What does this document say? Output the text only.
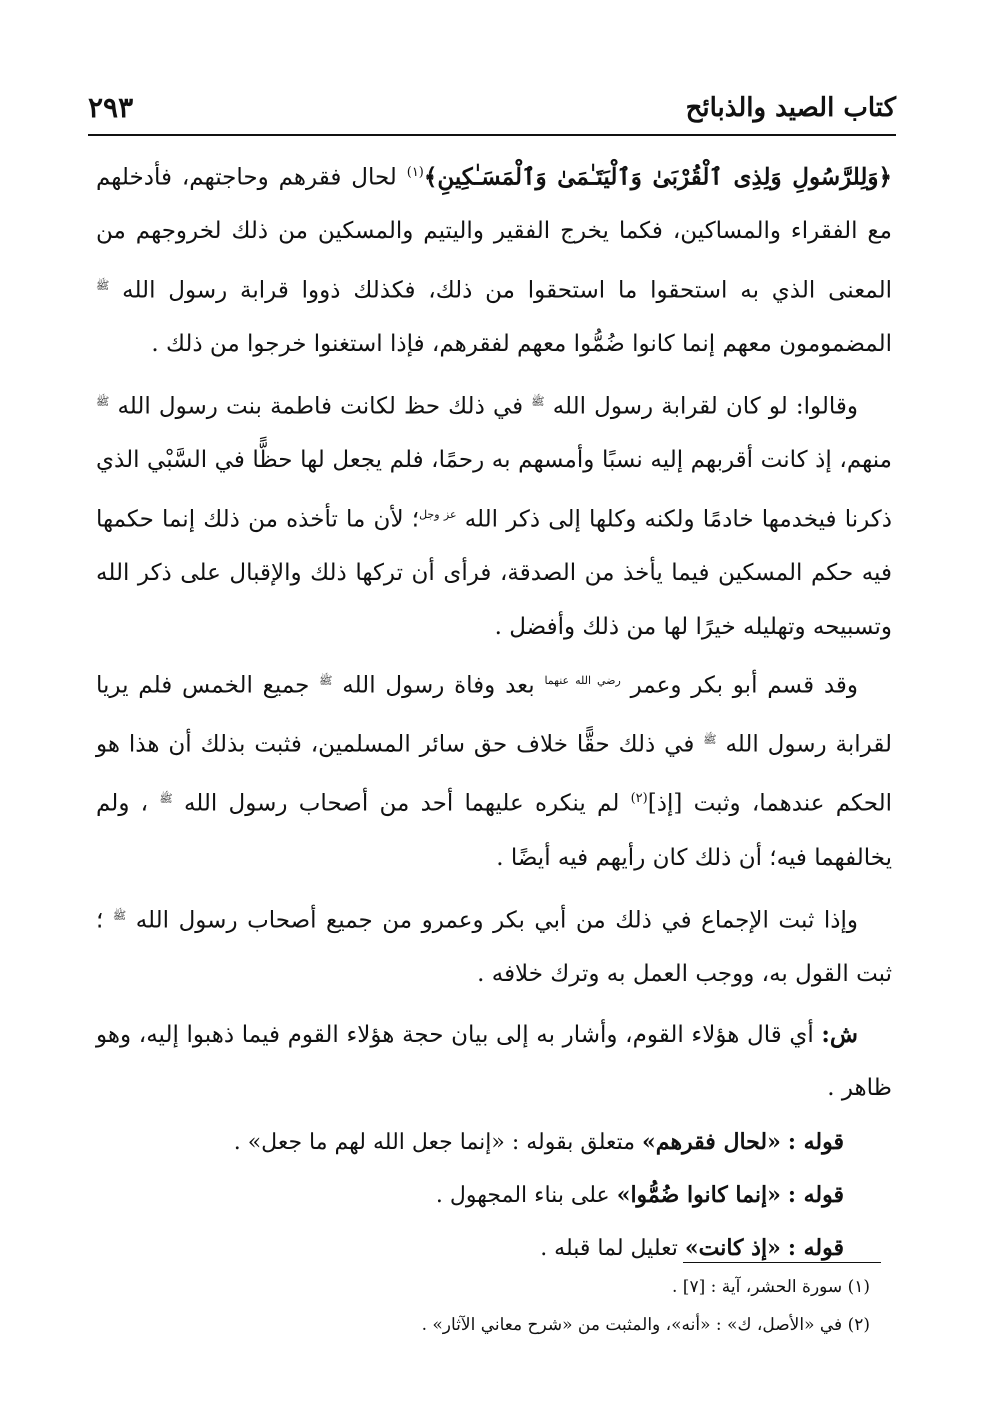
كتاب الصيد والذبائح
٢٩٣

﴿وَلِلرَّسُولِ وَلِذِى ٱلْقُرْبَىٰ وَٱلْيَتَـٰمَىٰ وَٱلْمَسَـٰكِينِ﴾$^{(١)}$ لحال فقرهم وحاجتهم، فأدخلهم مع الفقراء والمساكين، فكما يخرج الفقير واليتيم والمسكين من ذلك لخروجهم من المعنى الذي به استحقوا ما استحقوا من ذلك، فكذلك ذووا قرابة رسول الله $^ﷺ$ المضمومون معهم إنما كانوا ضُمُّوا معهم لفقرهم، فإذا استغنوا خرجوا من ذلك .

وقالوا: لو كان لقرابة رسول الله $^ﷺ$ في ذلك حظ لكانت فاطمة بنت رسول الله $^ﷺ$ منهم، إذ كانت أقربهم إليه نسبًا وأمسهم به رحمًا، فلم يجعل لها حظًّا في السَّبْي الذي ذكرنا فيخدمها خادمًا ولكنه وكلها إلى ذكر الله $^{عز وجل}$؛ لأن ما تأخذه من ذلك إنما حكمها فيه حكم المسكين فيما يأخذ من الصدقة، فرأى أن تركها ذلك والإقبال على ذكر الله وتسبيحه وتهليله خيرًا لها من ذلك وأفضل .

وقد قسم أبو بكر وعمر $^{رضي الله عنهما}$ بعد وفاة رسول الله $^ﷺ$ جميع الخمس فلم يريا لقرابة رسول الله $^ﷺ$ في ذلك حقًّا خلاف حق سائر المسلمين، فثبت بذلك أن هذا هو الحكم عندهما، وثبت [إذ]$^{(٢)}$ لم ينكره عليهما أحد من أصحاب رسول الله $^ﷺ$ ، ولم يخالفهما فيه؛ أن ذلك كان رأيهم فيه أيضًا .

وإذا ثبت الإجماع في ذلك من أبي بكر وعمرو من جميع أصحاب رسول الله $^ﷺ$ ؛ ثبت القول به، ووجب العمل به وترك خلافه .

ش: أي قال هؤلاء القوم، وأشار به إلى بيان حجة هؤلاء القوم فيما ذهبوا إليه، وهو ظاهر .

قوله : «لحال فقرهم» متعلق بقوله : «إنما جعل الله لهم ما جعل» .

قوله : «إنما كانوا ضُمُّوا» على بناء المجهول .

قوله : «إذ كانت» تعليل لما قبله .

(١) سورة الحشر، آية : [٧] .

(٢) في «الأصل، ك» : «أنه»، والمثبت من «شرح معاني الآثار» .
